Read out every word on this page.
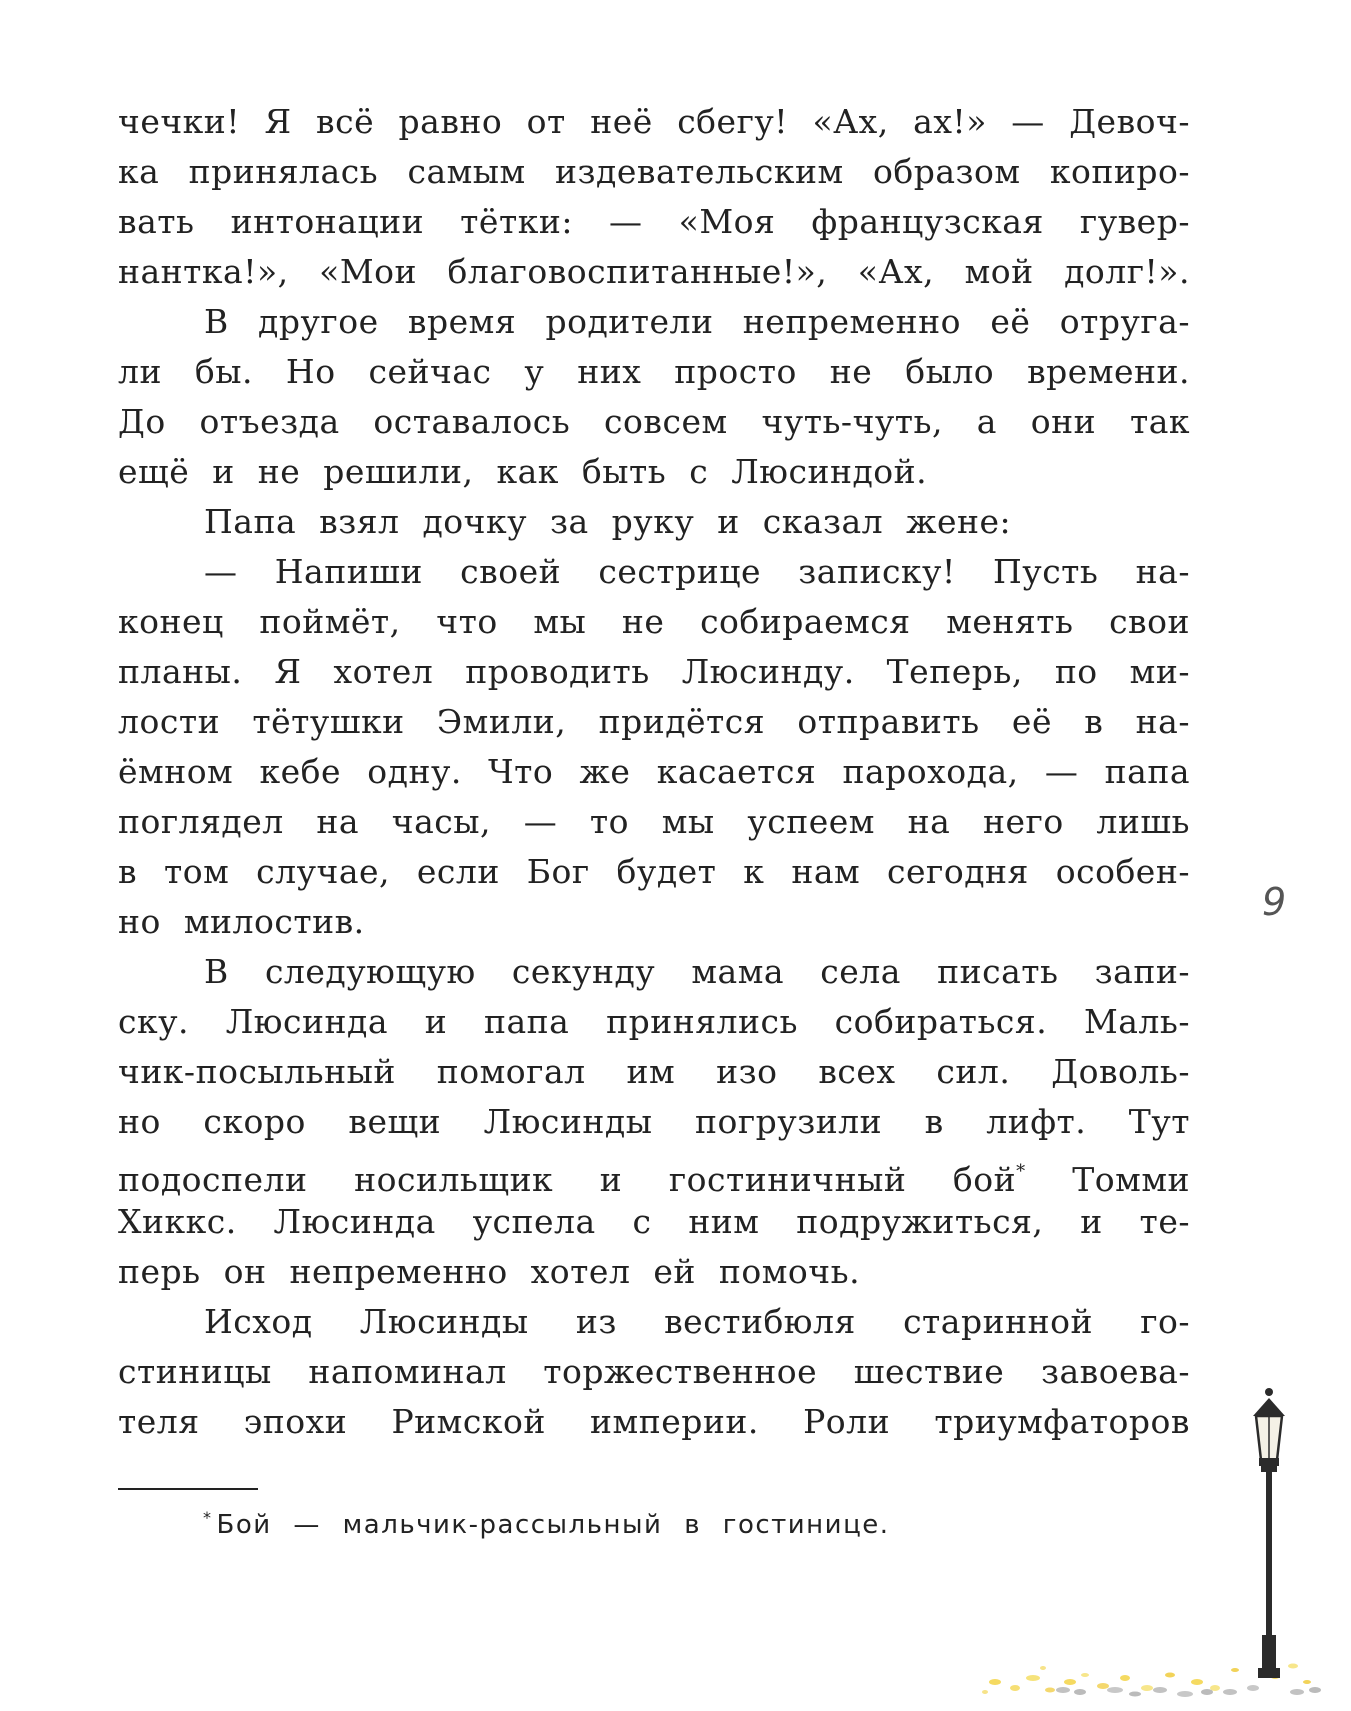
чечки! Я всё равно от неё сбегу! «Ах, ах!» — Девоч-
ка принялась самым издевательским образом копиро-
вать интонации тётки: — «Моя французская гувер-
нантка!», «Мои благовоспитанные!», «Ах, мой долг!».
В другое время родители непременно её отруга-
ли бы. Но сейчас у них просто не было времени.
До отъезда оставалось совсем чуть-чуть, а они так
ещё и не решили, как быть с Люсиндой.
Папа взял дочку за руку и сказал жене:
— Напиши своей сестрице записку! Пусть на-
конец поймёт, что мы не собираемся менять свои
планы. Я хотел проводить Люсинду. Теперь, по ми-
лости тётушки Эмили, придётся отправить её в на-
ёмном кебе одну. Что же касается парохода, — папа
поглядел на часы, — то мы успеем на него лишь
в том случае, если Бог будет к нам сегодня особен-
но милостив.
В следующую секунду мама села писать запи-
ску. Люсинда и папа принялись собираться. Маль-
чик-посыльный помогал им изо всех сил. Доволь-
но скоро вещи Люсинды погрузили в лифт. Тут
подоспели носильщик и гостиничный бой* Томми
Хиккс. Люсинда успела с ним подружиться, и те-
перь он непременно хотел ей помочь.
Исход Люсинды из вестибюля старинной го-
стиницы напоминал торжественное шествие завоева-
теля эпохи Римской империи. Роли триумфаторов
9
* Бой — мальчик-рассыльный в гостинице.
